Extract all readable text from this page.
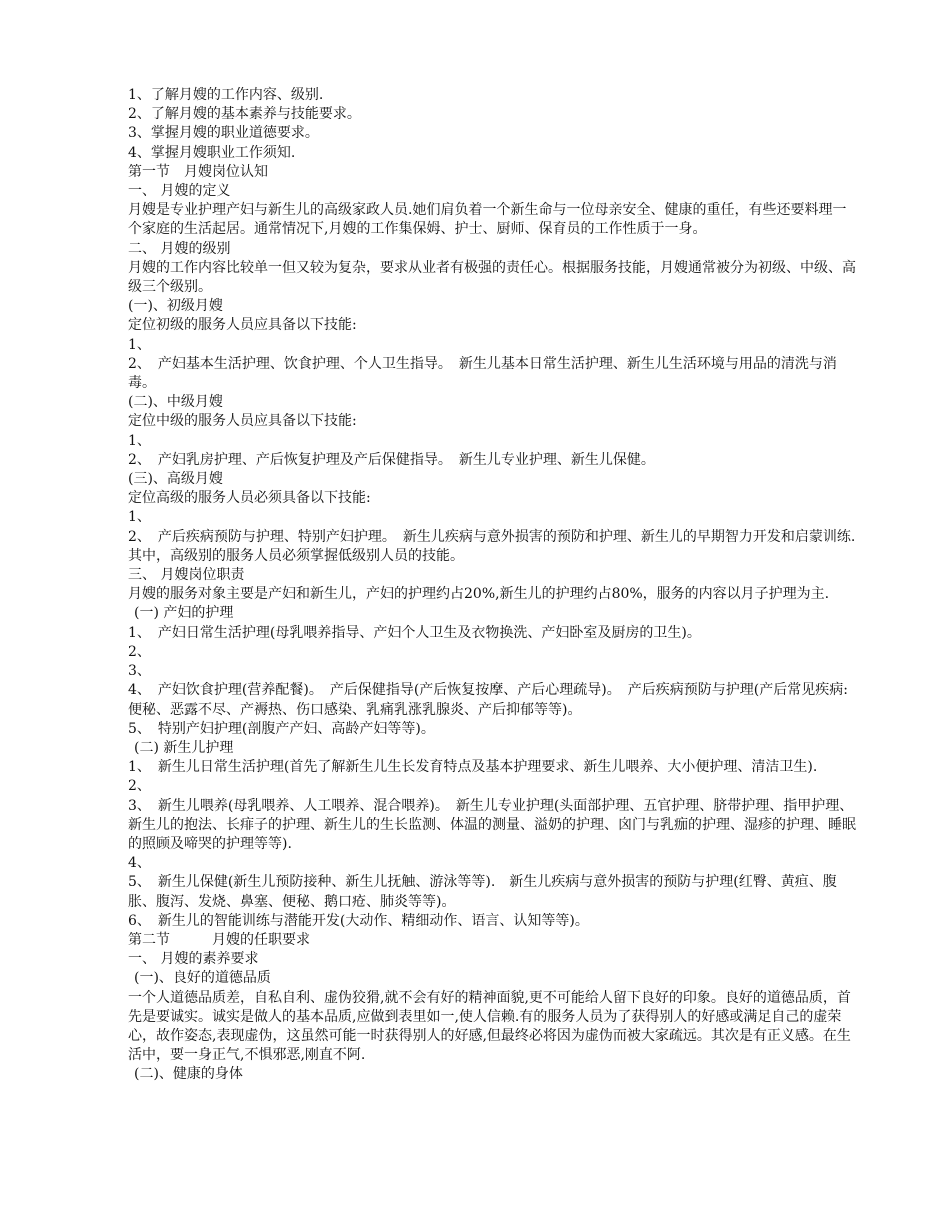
1、了解月嫂的工作内容、级别.
2、了解月嫂的基本素养与技能要求。
3、掌握月嫂的职业道德要求。
4、掌握月嫂职业工作须知.
第一节　月嫂岗位认知
一、 月嫂的定义
月嫂是专业护理产妇与新生儿的高级家政人员.她们肩负着一个新生命与一位母亲安全、健康的重任，有些还要料理一个家庭的生活起居。通常情况下,月嫂的工作集保姆、护士、厨师、保育员的工作性质于一身。
二、 月嫂的级别
月嫂的工作内容比较单一但又较为复杂，要求从业者有极强的责任心。根据服务技能，月嫂通常被分为初级、中级、高级三个级别。
(一)、初级月嫂
定位初级的服务人员应具备以下技能:
1、
2、　产妇基本生活护理、饮食护理、个人卫生指导。　新生儿基本日常生活护理、新生儿生活环境与用品的清洗与消毒。
(二)、中级月嫂
定位中级的服务人员应具备以下技能:
1、
2、　产妇乳房护理、产后恢复护理及产后保健指导。　新生儿专业护理、新生儿保健。
(三)、高级月嫂
定位高级的服务人员必须具备以下技能:
1、
2、　产后疾病预防与护理、特别产妇护理。　新生儿疾病与意外损害的预防和护理、新生儿的早期智力开发和启蒙训练.
其中，高级别的服务人员必须掌握低级别人员的技能。
三、 月嫂岗位职责
月嫂的服务对象主要是产妇和新生儿，产妇的护理约占20%,新生儿的护理约占80%，服务的内容以月子护理为主.
(一) 产妇的护理
1、　产妇日常生活护理(母乳喂养指导、产妇个人卫生及衣物换洗、产妇卧室及厨房的卫生)。
2、
3、
4、　产妇饮食护理(营养配餐)。　产后保健指导(产后恢复按摩、产后心理疏导)。　产后疾病预防与护理(产后常见疾病:便秘、恶露不尽、产褥热、伤口感染、乳痛乳涨乳腺炎、产后抑郁等等)。
5、　特别产妇护理(剖腹产产妇、高龄产妇等等)。
(二) 新生儿护理
1、　新生儿日常生活护理(首先了解新生儿生长发育特点及基本护理要求、新生儿喂养、大小便护理、清洁卫生).
2、
3、　新生儿喂养(母乳喂养、人工喂养、混合喂养)。　新生儿专业护理(头面部护理、五官护理、脐带护理、指甲护理、新生儿的抱法、长痱子的护理、新生儿的生长监测、体温的测量、溢奶的护理、囟门与乳痂的护理、湿疹的护理、睡眠的照顾及啼哭的护理等等).
4、
5、　新生儿保健(新生儿预防接种、新生儿抚触、游泳等等).　新生儿疾病与意外损害的预防与护理(红臀、黄疸、腹胀、腹泻、发烧、鼻塞、便秘、鹅口疮、肺炎等等)。
6、　新生儿的智能训练与潜能开发(大动作、精细动作、语言、认知等等)。
第二节　　　月嫂的任职要求
一、 月嫂的素养要求
(一)、良好的道德品质
一个人道德品质差，自私自利、虚伪狡猾,就不会有好的精神面貌,更不可能给人留下良好的印象。良好的道德品质，首先是要诚实。诚实是做人的基本品质,应做到表里如一,使人信赖.有的服务人员为了获得别人的好感或满足自己的虚荣心，故作姿态,表现虚伪，这虽然可能一时获得别人的好感,但最终必将因为虚伪而被大家疏远。其次是有正义感。在生活中，要一身正气,不惧邪恶,刚直不阿.
(二)、健康的身体
